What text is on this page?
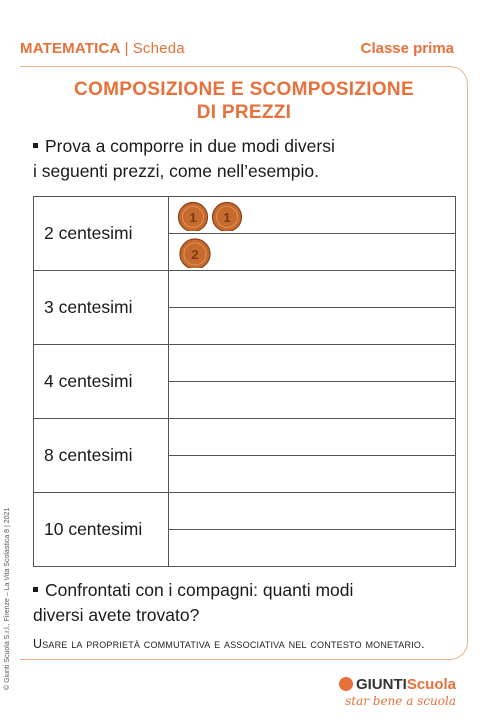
MATEMATICA | Scheda	Classe prima
COMPOSIZIONE E SCOMPOSIZIONE
DI PREZZI
Prova a comporre in due modi diversi
i seguenti prezzi, come nell’esempio.
2 centesimi	1 1

2

3 centesimi	

4 centesimi	

8 centesimi	

10 centesimi	

Confrontati con i compagni: quanti modi
diversi avete trovato?
Usare la proprietà commutativa e associativa nel contesto monetario.
© Giunti Scuola S.r.l., Firenze – La Vita Scolastica 8 | 2021	GIUNTIScuola
star bene a scuola
